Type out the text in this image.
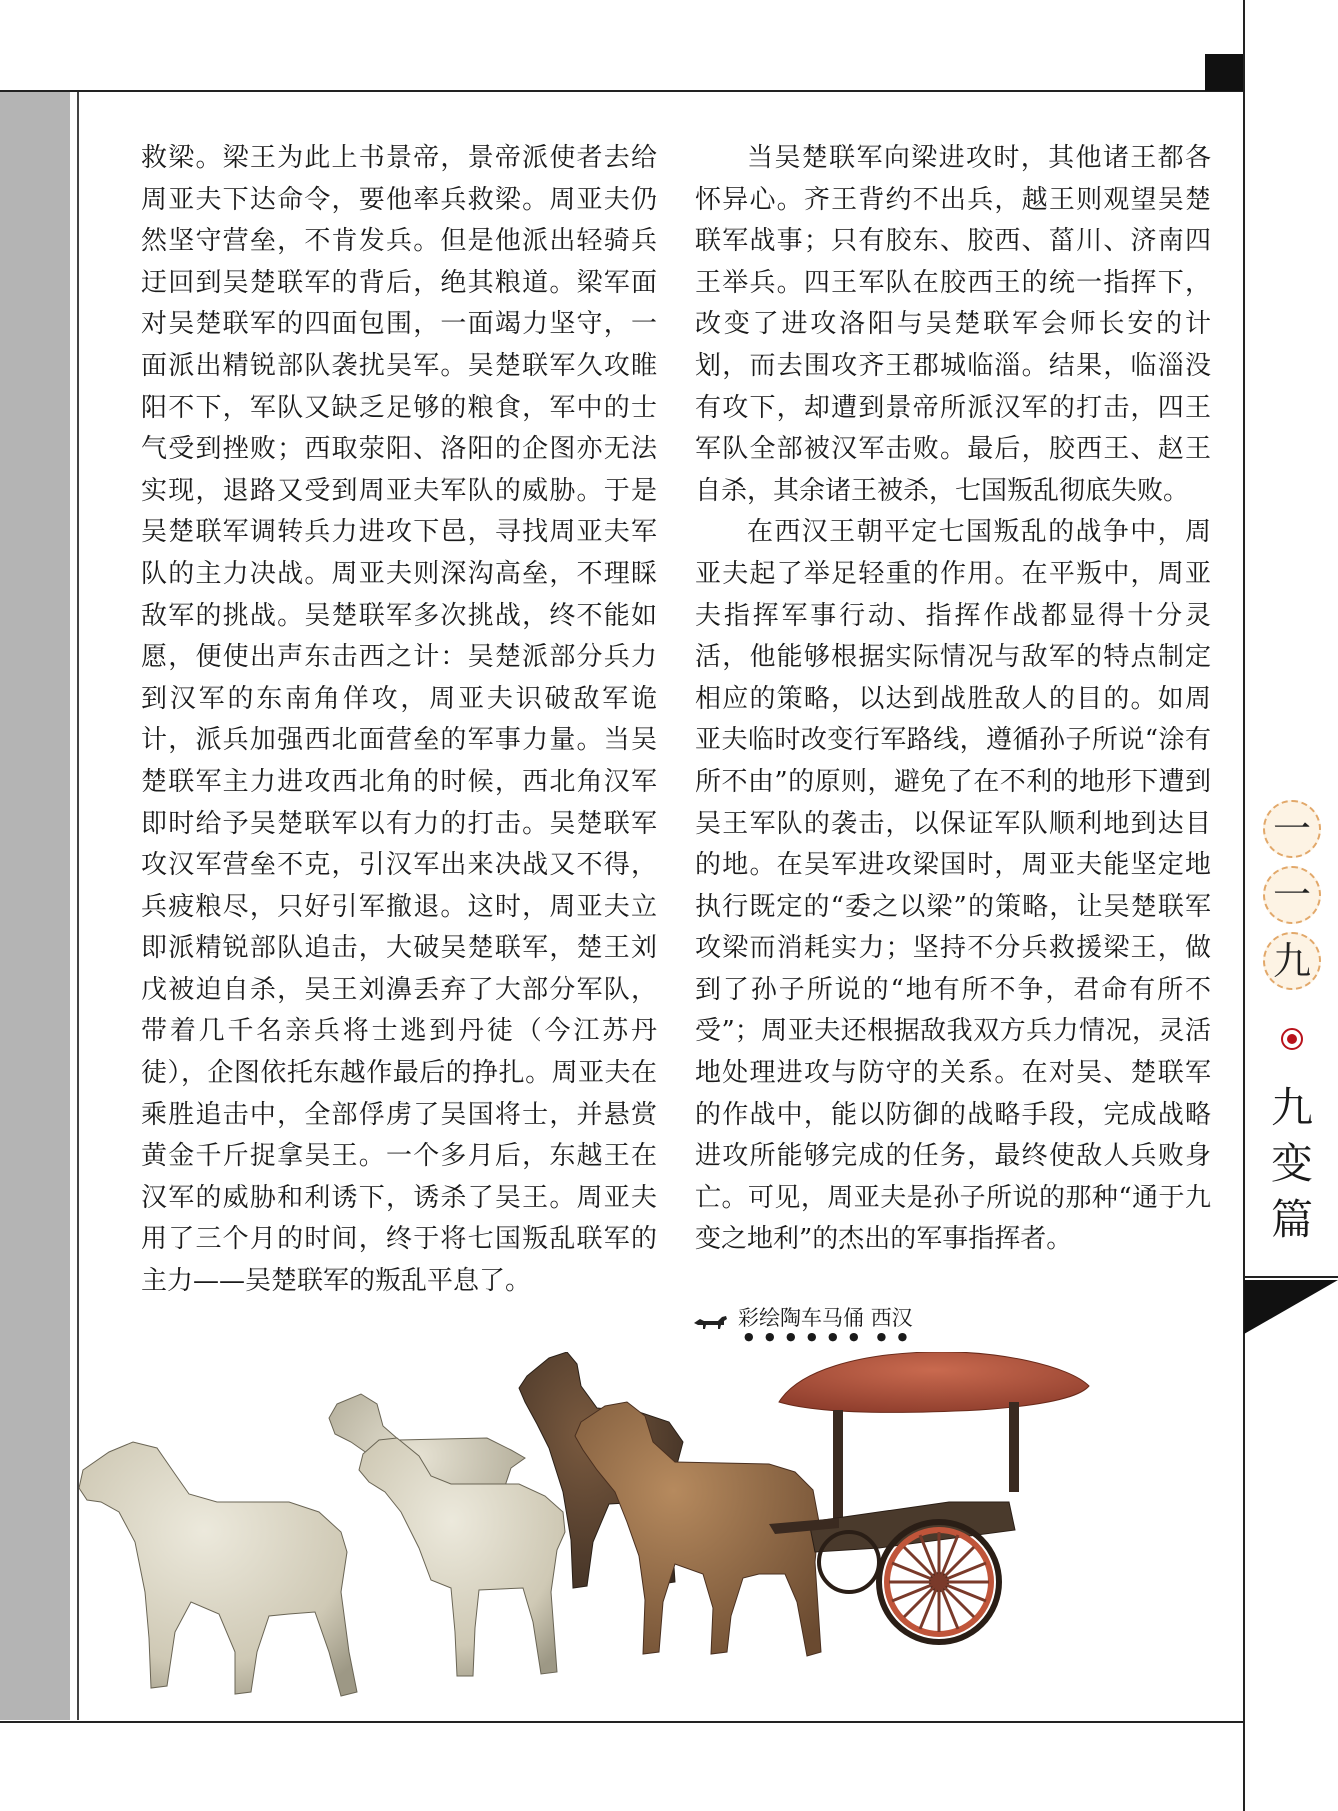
救梁。梁王为此上书景帝，景帝派使者去给周亚夫下达命令，要他率兵救梁。周亚夫仍然坚守营垒，不肯发兵。但是他派出轻骑兵迂回到吴楚联军的背后，绝其粮道。梁军面对吴楚联军的四面包围，一面竭力坚守，一面派出精锐部队袭扰吴军。吴楚联军久攻睢阳不下，军队又缺乏足够的粮食，军中的士气受到挫败；西取荥阳、洛阳的企图亦无法实现，退路又受到周亚夫军队的威胁。于是吴楚联军调转兵力进攻下邑，寻找周亚夫军队的主力决战。周亚夫则深沟高垒，不理睬敌军的挑战。吴楚联军多次挑战，终不能如愿，便使出声东击西之计：吴楚派部分兵力到汉军的东南角佯攻，周亚夫识破敌军诡计，派兵加强西北面营垒的军事力量。当吴楚联军主力进攻西北角的时候，西北角汉军即时给予吴楚联军以有力的打击。吴楚联军攻汉军营垒不克，引汉军出来决战又不得，兵疲粮尽，只好引军撤退。这时，周亚夫立即派精锐部队追击，大破吴楚联军，楚王刘戊被迫自杀，吴王刘濞丢弃了大部分军队，带着几千名亲兵将士逃到丹徒（今江苏丹徒），企图依托东越作最后的挣扎。周亚夫在乘胜追击中，全部俘虏了吴国将士，并悬赏黄金千斤捉拿吴王。一个多月后，东越王在汉军的威胁和利诱下，诱杀了吴王。周亚夫用了三个月的时间，终于将七国叛乱联军的主力——吴楚联军的叛乱平息了。

当吴楚联军向梁进攻时，其他诸王都各怀异心。齐王背约不出兵，越王则观望吴楚联军战事；只有胶东、胶西、菑川、济南四王举兵。四王军队在胶西王的统一指挥下，改变了进攻洛阳与吴楚联军会师长安的计划，而去围攻齐王郡城临淄。结果，临淄没有攻下，却遭到景帝所派汉军的打击，四王军队全部被汉军击败。最后，胶西王、赵王自杀，其余诸王被杀，七国叛乱彻底失败。

在西汉王朝平定七国叛乱的战争中，周亚夫起了举足轻重的作用。在平叛中，周亚夫指挥军事行动、指挥作战都显得十分灵活，他能够根据实际情况与敌军的特点制定相应的策略，以达到战胜敌人的目的。如周亚夫临时改变行军路线，遵循孙子所说“涂有所不由”的原则，避免了在不利的地形下遭到吴王军队的袭击，以保证军队顺利地到达目的地。在吴军进攻梁国时，周亚夫能坚定地执行既定的“委之以梁”的策略，让吴楚联军攻梁而消耗实力；坚持不分兵救援梁王，做到了孙子所说的“地有所不争，君命有所不受”；周亚夫还根据敌我双方兵力情况，灵活地处理进攻与防守的关系。在对吴、楚联军的作战中，能以防御的战略手段，完成战略进攻所能够完成的任务，最终使敌人兵败身亡。可见，周亚夫是孙子所说的那种“通于九变之地利”的杰出的军事指挥者。

一
一
九
九
变
篇
彩绘陶车马俑 西汉
